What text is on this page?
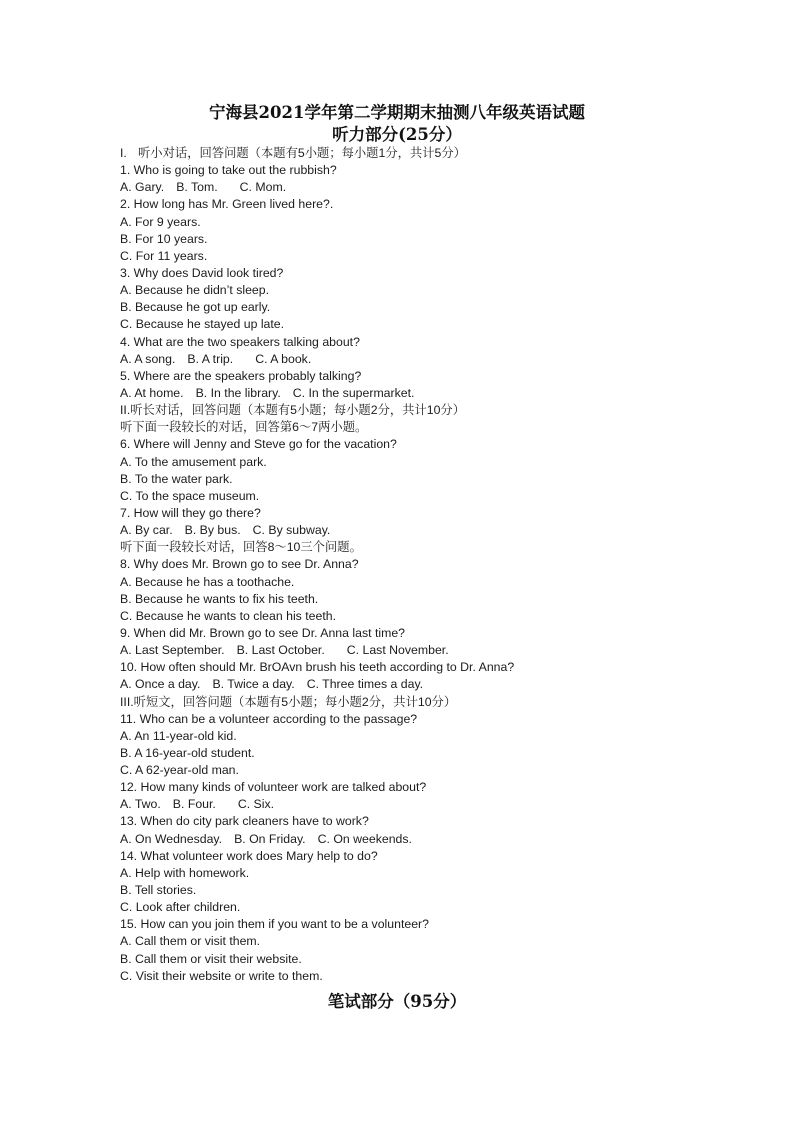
宁海县2021学年第二学期期末抽测八年级英语试题
听力部分(25分）
I. 听小对话，回答问题（本题有5小题；每小题1分，共计5分）
1. Who is going to take out the rubbish?
A. Gary. B. Tom. C. Mom.
2. How long has Mr. Green lived here?.
A. For 9 years.
B. For 10 years.
C. For 11 years.
3. Why does David look tired?
A. Because he didn’t sleep.
B. Because he got up early.
C. Because he stayed up late.
4. What are the two speakers talking about?
A. A song. B. A trip. C. A book.
5. Where are the speakers probably talking?
A. At home. B. In the library. C. In the supermarket.
II.听长对话，回答问题（本题有5小题；每小题2分，共计10分）
听下面一段较长的对话，回答第6～7两小题。
6. Where will Jenny and Steve go for the vacation?
A. To the amusement park.
B. To the water park.
C. To the space museum.
7. How will they go there?
A. By car. B. By bus. C. By subway.
听下面一段较长对话，回答8～10三个问题。
8. Why does Mr. Brown go to see Dr. Anna?
A. Because he has a toothache.
B. Because he wants to fix his teeth.
C. Because he wants to clean his teeth.
9. When did Mr. Brown go to see Dr. Anna last time?
A. Last September. B. Last October. C. Last November.
10. How often should Mr. BrOAvn brush his teeth according to Dr. Anna?
A. Once a day. B. Twice a day. C. Three times a day.
III.听短文，回答问题（本题有5小题；每小题2分，共计10分）
11. Who can be a volunteer according to the passage?
A. An 11-year-old kid.
B. A 16-year-old student.
C. A 62-year-old man.
12. How many kinds of volunteer work are talked about?
A. Two. B. Four. C. Six.
13. When do city park cleaners have to work?
A. On Wednesday. B. On Friday. C. On weekends.
14. What volunteer work does Mary help to do?
A. Help with homework.
B. Tell stories.
C. Look after children.
15. How can you join them if you want to be a volunteer?
A. Call them or visit them.
B. Call them or visit their website.
C. Visit their website or write to them.
笔试部分（95分）
